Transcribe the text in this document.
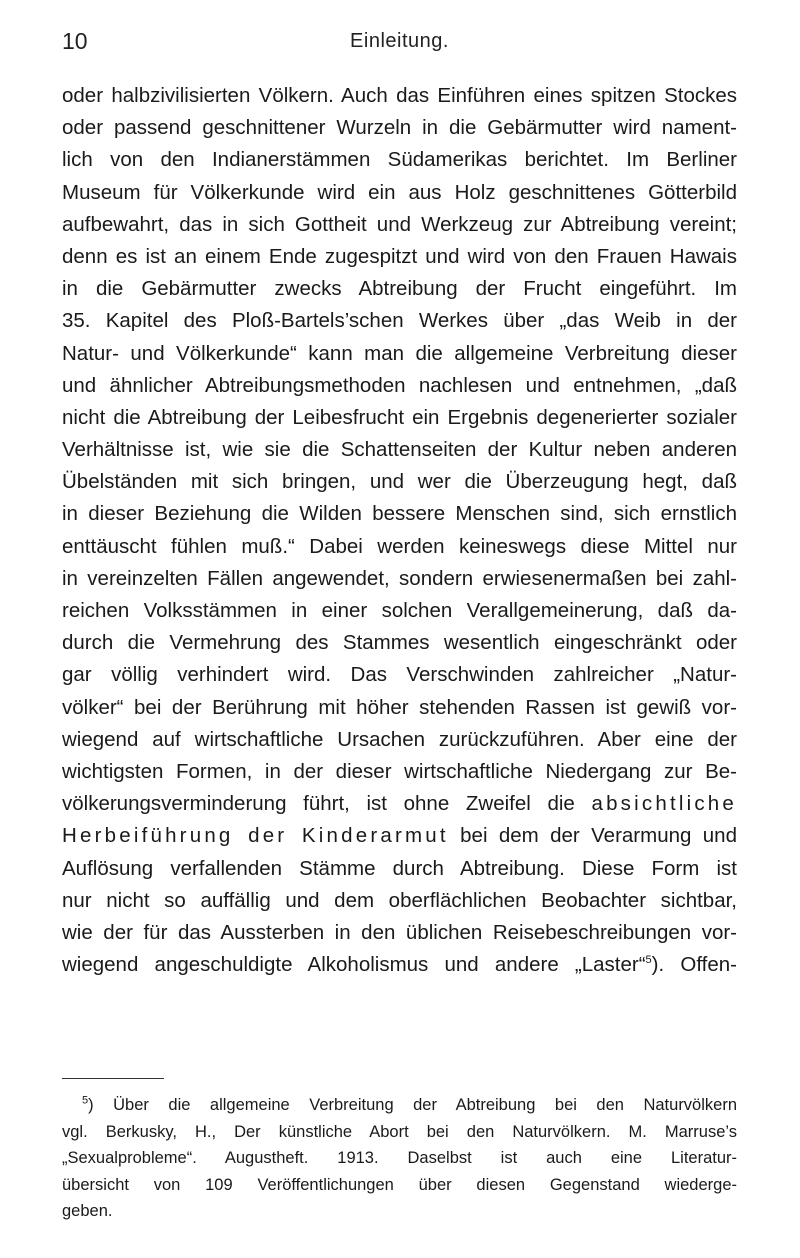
10	Einleitung.
oder halbzivilisierten Völkern. Auch das Einführen eines spitzen Stockes
oder passend geschnittener Wurzeln in die Gebärmutter wird nament-
lich von den Indianerstämmen Südamerikas berichtet. Im Berliner
Museum für Völkerkunde wird ein aus Holz geschnittenes Götterbild
aufbewahrt, das in sich Gottheit und Werkzeug zur Abtreibung vereint;
denn es ist an einem Ende zugespitzt und wird von den Frauen Hawais
in die Gebärmutter zwecks Abtreibung der Frucht eingeführt. Im
35. Kapitel des Ploß-Bartels’schen Werkes über „das Weib in der
Natur- und Völkerkunde“ kann man die allgemeine Verbreitung dieser
und ähnlicher Abtreibungsmethoden nachlesen und entnehmen, „daß
nicht die Abtreibung der Leibesfrucht ein Ergebnis degenerierter sozialer
Verhältnisse ist, wie sie die Schattenseiten der Kultur neben anderen
Übelständen mit sich bringen, und wer die Überzeugung hegt, daß
in dieser Beziehung die Wilden bessere Menschen sind, sich ernstlich
enttäuscht fühlen muß.“ Dabei werden keineswegs diese Mittel nur
in vereinzelten Fällen angewendet, sondern erwiesenermaßen bei zahl-
reichen Volksstämmen in einer solchen Verallgemeinerung, daß da-
durch die Vermehrung des Stammes wesentlich eingeschränkt oder
gar völlig verhindert wird. Das Verschwinden zahlreicher „Natur-
völker“ bei der Berührung mit höher stehenden Rassen ist gewiß vor-
wiegend auf wirtschaftliche Ursachen zurückzuführen. Aber eine der
wichtigsten Formen, in der dieser wirtschaftliche Niedergang zur Be-
völkerungsverminderung führt, ist ohne Zweifel die absichtliche
Herbeiführung der Kinderarmut bei dem der Verarmung und
Auflösung verfallenden Stämme durch Abtreibung. Diese Form ist
nur nicht so auffällig und dem oberflächlichen Beobachter sichtbar,
wie der für das Aussterben in den üblichen Reisebeschreibungen vor-
wiegend angeschuldigte Alkoholismus und andere „Laster“$^5$). Offen-
$^5$) Über die allgemeine Verbreitung der Abtreibung bei den Naturvölkern
vgl. Berkusky, H., Der künstliche Abort bei den Naturvölkern. M. Marruse’s
„Sexualprobleme“. Augustheft. 1913. Daselbst ist auch eine Literatur-
übersicht von 109 Veröffentlichungen über diesen Gegenstand wiederge-
geben.
